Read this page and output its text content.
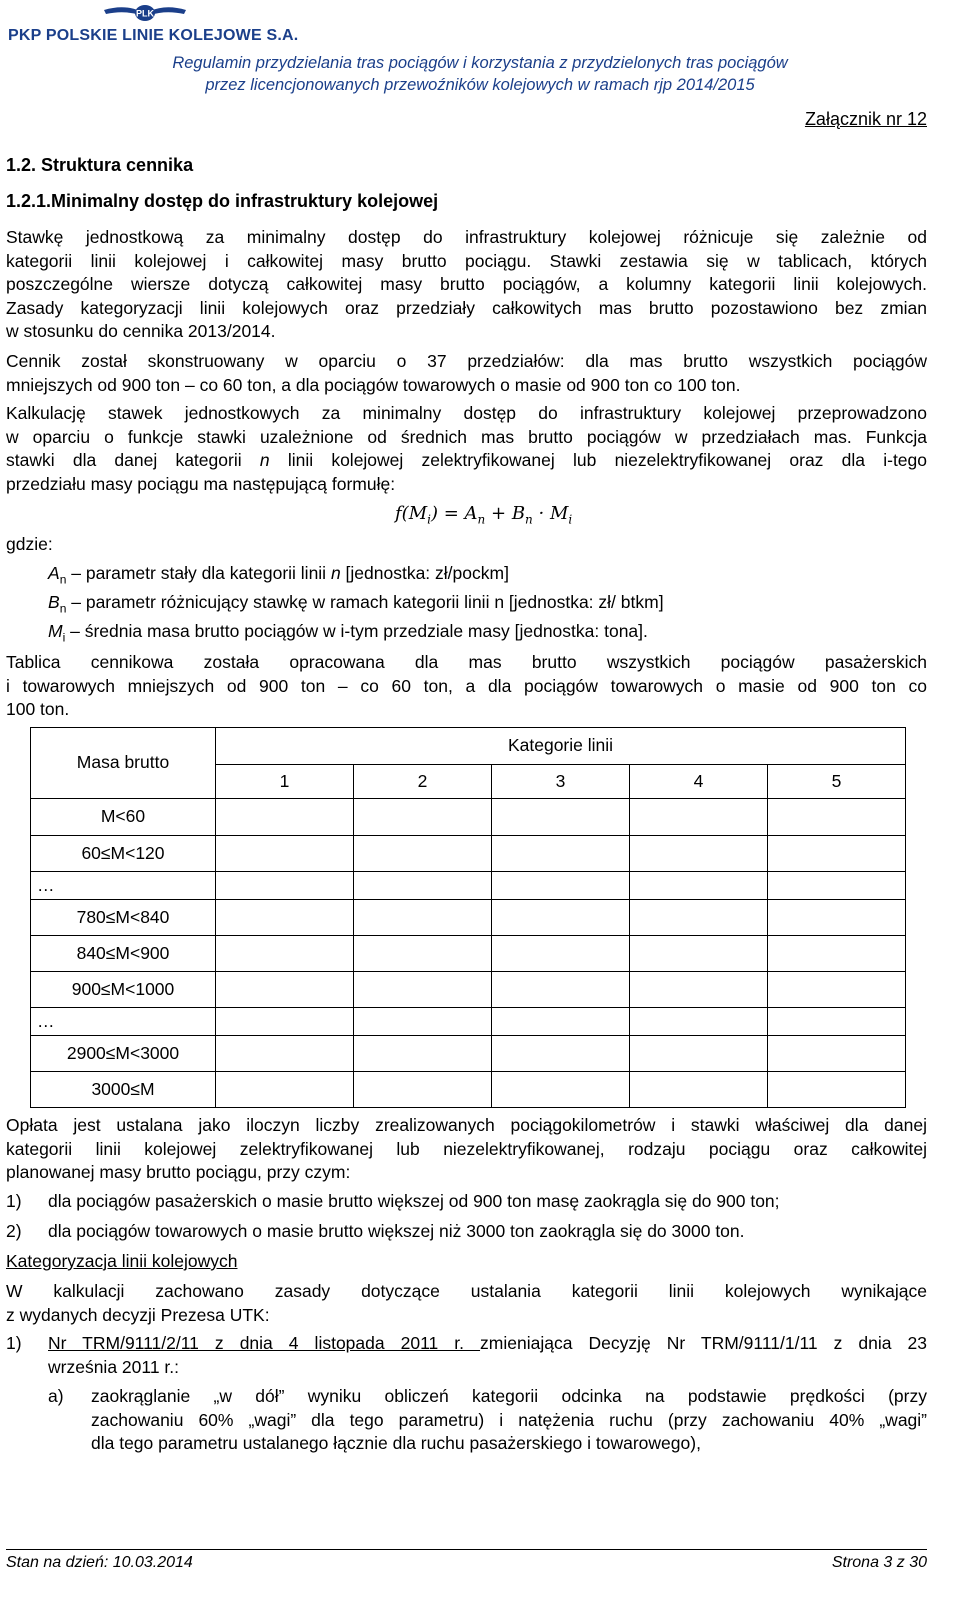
PLK
PKP POLSKIE LINIE KOLEJOWE S.A.
Regulamin przydzielania tras pociągów i korzystania z przydzielonych tras pociągów
przez licencjonowanych przewoźników kolejowych w ramach rjp 2014/2015
Załącznik nr 12
1.2. Struktura cennika
1.2.1.Minimalny dostęp do infrastruktury kolejowej
Stawkę jednostkową za minimalny dostęp do infrastruktury kolejowej różnicuje się zależnie od
kategorii linii kolejowej i całkowitej masy brutto pociągu. Stawki zestawia się w tablicach, których
poszczególne wiersze dotyczą całkowitej masy brutto pociągów, a kolumny kategorii linii kolejowych.
Zasady kategoryzacji linii kolejowych oraz przedziały całkowitych mas brutto pozostawiono bez zmian
w stosunku do cennika 2013/2014.
Cennik został skonstruowany w oparciu o 37 przedziałów: dla mas brutto wszystkich pociągów
mniejszych od 900 ton – co 60 ton, a dla pociągów towarowych o masie od 900 ton co 100 ton.
Kalkulację stawek jednostkowych za minimalny dostęp do infrastruktury kolejowej przeprowadzono
w oparciu o funkcje stawki uzależnione od średnich mas brutto pociągów w przedziałach mas. Funkcja
stawki dla danej kategorii n linii kolejowej zelektryfikowanej lub niezelektryfikowanej oraz dla i-tego
przedziału masy pociągu ma następującą formułę:
$f(M_i) = A_n + B_n \cdot M_i$
gdzie:
$A_n$ – parametr stały dla kategorii linii n [jednostka: zł/pockm]
$B_n$ – parametr różnicujący stawkę w ramach kategorii linii n [jednostka: zł/ btkm]
$M_i$ – średnia masa brutto pociągów w i-tym przedziale masy [jednostka: tona].
Tablica cennikowa została opracowana dla mas brutto wszystkich pociągów pasażerskich
i towarowych mniejszych od 900 ton – co 60 ton, a dla pociągów towarowych o masie od 900 ton co
100 ton.
Masa brutto	Kategorie linii				
	1	2	3	4	5
M<60					
60≤M<120					
…					
780≤M<840					
840≤M<900					
900≤M<1000					
…					
2900≤M<3000					
3000≤M					
Opłata jest ustalana jako iloczyn liczby zrealizowanych pociągokilometrów i stawki właściwej dla danej
kategorii linii kolejowej zelektryfikowanej lub niezelektryfikowanej, rodzaju pociągu oraz całkowitej
planowanej masy brutto pociągu, przy czym:
1) dla pociągów pasażerskich o masie brutto większej od 900 ton masę zaokrągla się do 900 ton;
2) dla pociągów towarowych o masie brutto większej niż 3000 ton zaokrągla się do 3000 ton.
Kategoryzacja linii kolejowych
W kalkulacji zachowano zasady dotyczące ustalania kategorii linii kolejowych wynikające
z wydanych decyzji Prezesa UTK:
1) Nr TRM/9111/2/11 z dnia 4 listopada 2011 r. zmieniająca Decyzję Nr TRM/9111/1/11 z dnia 23
września 2011 r.:
a) zaokrąglanie „w dół” wyniku obliczeń kategorii odcinka na podstawie prędkości (przy
zachowaniu 60% „wagi” dla tego parametru) i natężenia ruchu (przy zachowaniu 40% „wagi”
dla tego parametru ustalanego łącznie dla ruchu pasażerskiego i towarowego),
Stan na dzień: 10.03.2014	Strona 3 z 30
